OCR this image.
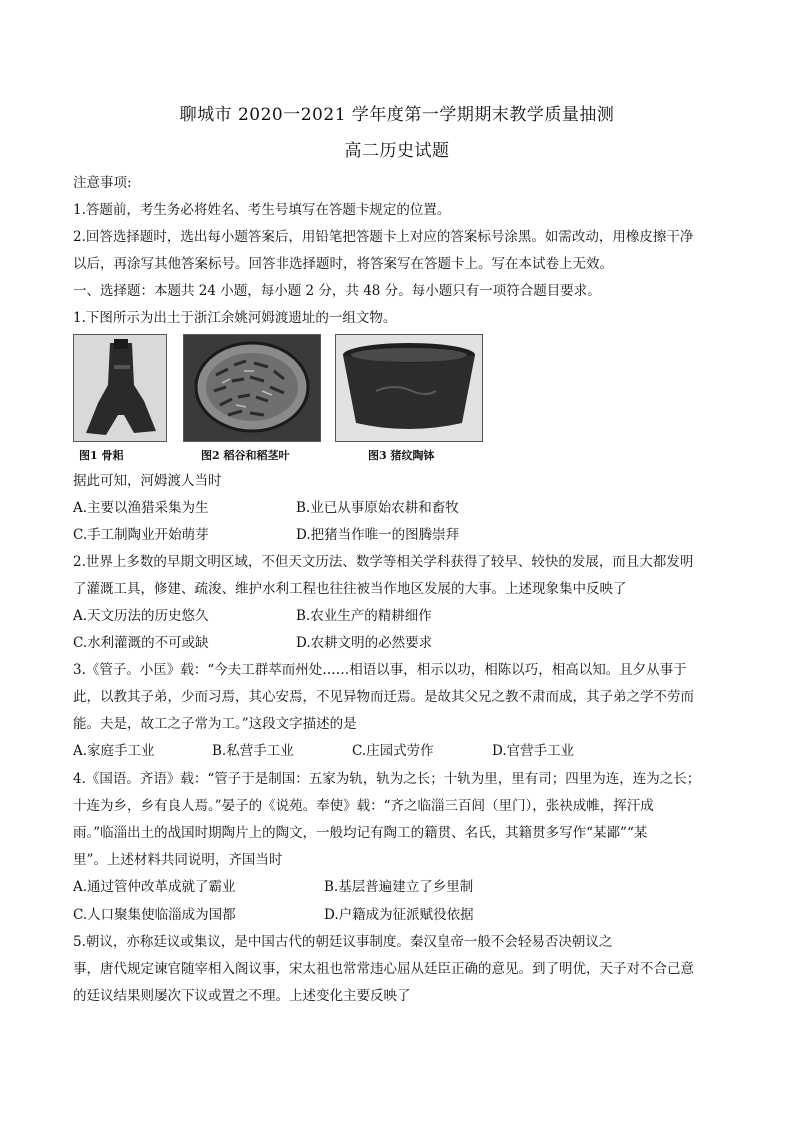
聊城市 2020一2021 学年度第一学期期末教学质量抽测
高二历史试题
注意事项:
1.答题前，考生务必将姓名、考生号填写在答题卡规定的位置。
2.回答选择题时，选出每小题答案后，用铅笔把答题卡上对应的答案标号涂黑。如需改动，用橡皮擦干净
以后，再涂写其他答案标号。回答非选择题时，将答案写在答题卡上。写在本试卷上无效。
一、选择题：本题共 24 小题，每小题 2 分，共 48 分。每小题只有一项符合题目要求。
1.下图所示为出土于浙江余姚河姆渡遗址的一组文物。
图1 骨耜	图2 稻谷和稻茎叶	图3 猪纹陶钵
据此可知，河姆渡人当时
A.主要以渔猎采集为生	B.业已从事原始农耕和畜牧
C.手工制陶业开始萌芽	D.把猪当作唯一的图腾崇拜
2.世界上多数的早期文明区域，不但天文历法、数学等相关学科获得了较早、较快的发展，而且大都发明
了灌溉工具，修建、疏浚、维护水利工程也往往被当作地区发展的大事。上述现象集中反映了
A.天文历法的历史悠久	B.农业生产的精耕细作
C.水利灌溉的不可或缺	D.农耕文明的必然要求
3.《管子。小匡》载：“今夫工群萃而州处……相语以事，相示以功，相陈以巧，相高以知。且夕从事于
此，以教其子弟，少而习焉，其心安焉，不见异物而迁焉。是故其父兄之教不肃而成，其子弟之学不劳而
能。夫是，故工之子常为工。”这段文字描述的是
A.家庭手工业	B.私营手工业	C.庄园式劳作	D.官营手工业
4.《国语。齐语》载：“管子于是制国：五家为轨，轨为之长；十轨为里，里有司；四里为连，连为之长；
十连为乡，乡有良人焉。”晏子的《说苑。奉使》载：“齐之临淄三百闾（里门），张袂成帷，挥汗成
雨。”临淄出土的战国时期陶片上的陶文，一般均记有陶工的籍贯、名氏，其籍贯多写作“某鄙”“某
里”。上述材料共同说明，齐国当时
A.通过管仲改革成就了霸业	B.基层普遍建立了乡里制
C.人口聚集使临淄成为国都	D.户籍成为征派赋役依据
5.朝议，亦称廷议或集议，是中国古代的朝廷议事制度。秦汉皇帝一般不会轻易否决朝议之
事，唐代规定谏官随宰相入阁议事，宋太祖也常常违心屈从廷臣正确的意见。到了明优，天子对不合己意
的廷议结果则屡次下议或置之不理。上述变化主要反映了
